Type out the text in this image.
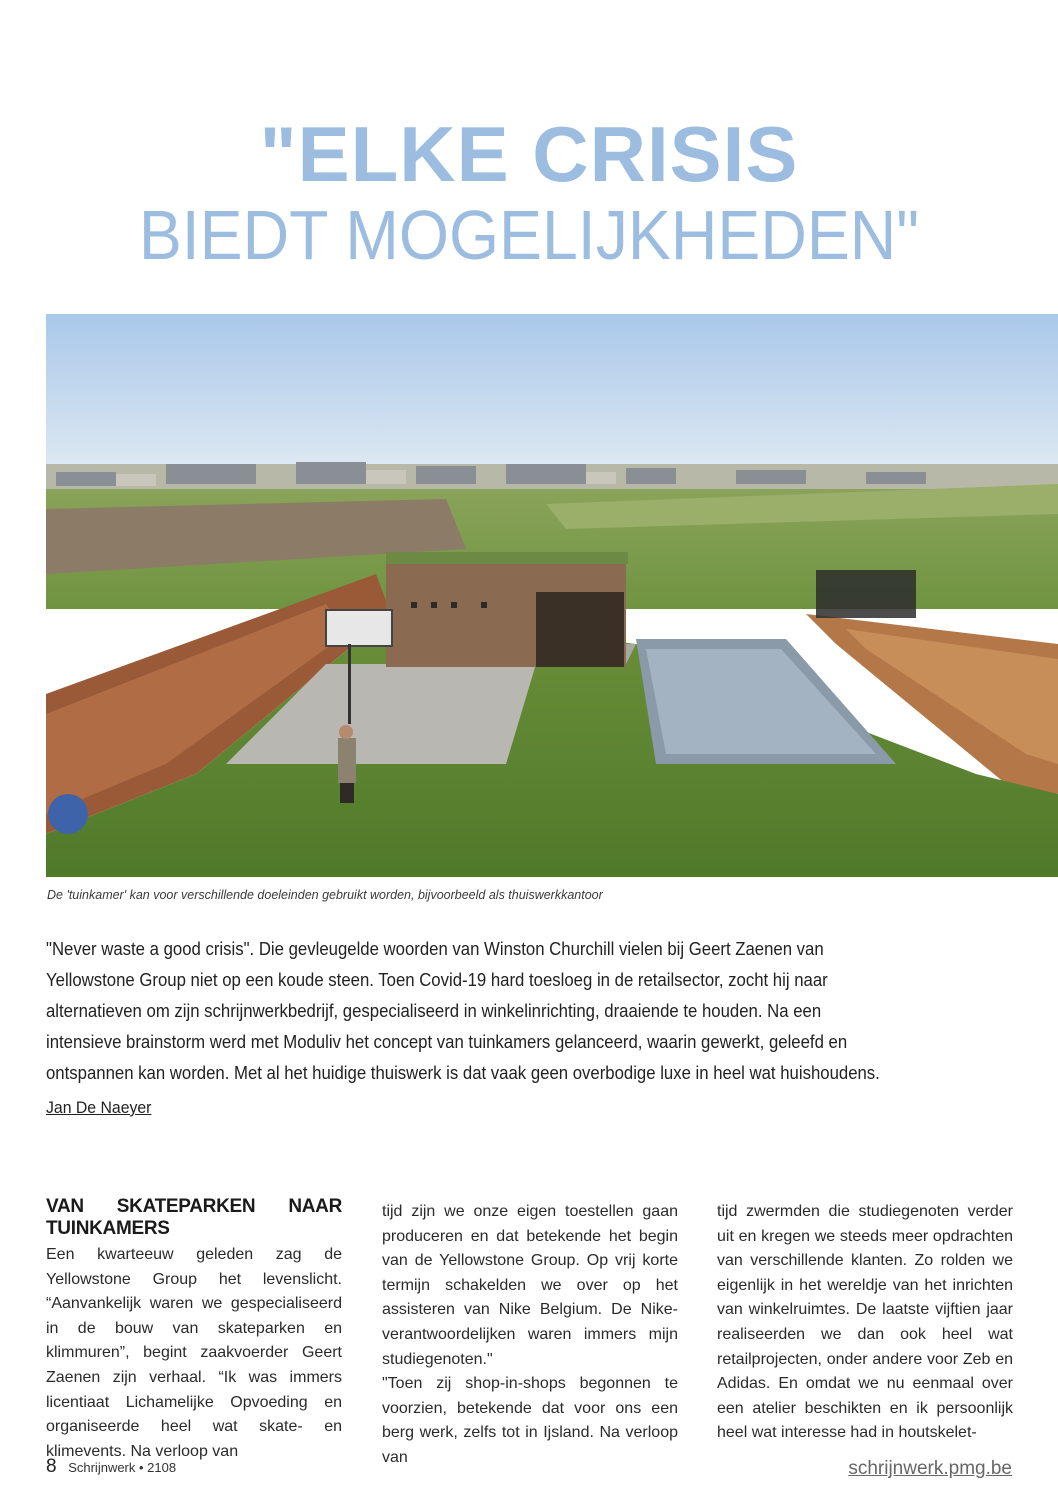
"ELKE CRISIS
BIEDT MOGELIJKHEDEN"
De 'tuinkamer' kan voor verschillende doeleinden gebruikt worden, bijvoorbeeld als thuiswerkkantoor
"Never waste a good crisis". Die gevleugelde woorden van Winston Churchill vielen bij Geert Zaenen van Yellowstone Group niet op een koude steen. Toen Covid-19 hard toesloeg in de retailsector, zocht hij naar alternatieven om zijn schrijnwerkbedrijf, gespecialiseerd in winkelinrichting, draaiende te houden. Na een intensieve brainstorm werd met Moduliv het concept van tuinkamers gelanceerd, waarin gewerkt, geleefd en ontspannen kan worden. Met al het huidige thuiswerk is dat vaak geen overbodige luxe in heel wat huishoudens.
Jan De Naeyer
VAN SKATEPARKEN NAAR TUINKAMERS

Een kwarteeuw geleden zag de Yellowstone Group het levenslicht. “Aanvankelijk waren we gespecialiseerd in de bouw van skateparken en klimmuren”, begint zaakvoerder Geert Zaenen zijn verhaal. “Ik was immers licentiaat Lichamelijke Opvoeding en organiseerde heel wat skate- en klimevents. Na verloop van

tijd zijn we onze eigen toestellen gaan produceren en dat betekende het begin van de Yellowstone Group. Op vrij korte termijn schakelden we over op het assisteren van Nike Belgium. De Nike-verantwoordelijken waren immers mijn studiegenoten."

"Toen zij shop-in-shops begonnen te voorzien, betekende dat voor ons een berg werk, zelfs tot in Ijsland. Na verloop van

tijd zwermden die studiegenoten verder uit en kregen we steeds meer opdrachten van verschillende klanten. Zo rolden we eigenlijk in het wereldje van het inrichten van winkelruimtes. De laatste vijftien jaar realiseerden we dan ook heel wat retailprojecten, onder andere voor Zeb en Adidas. En omdat we nu eenmaal over een atelier beschikten en ik persoonlijk heel wat interesse had in houtskelet-

8 Schrijnwerk • 2108	schrijnwerk.pmg.be
